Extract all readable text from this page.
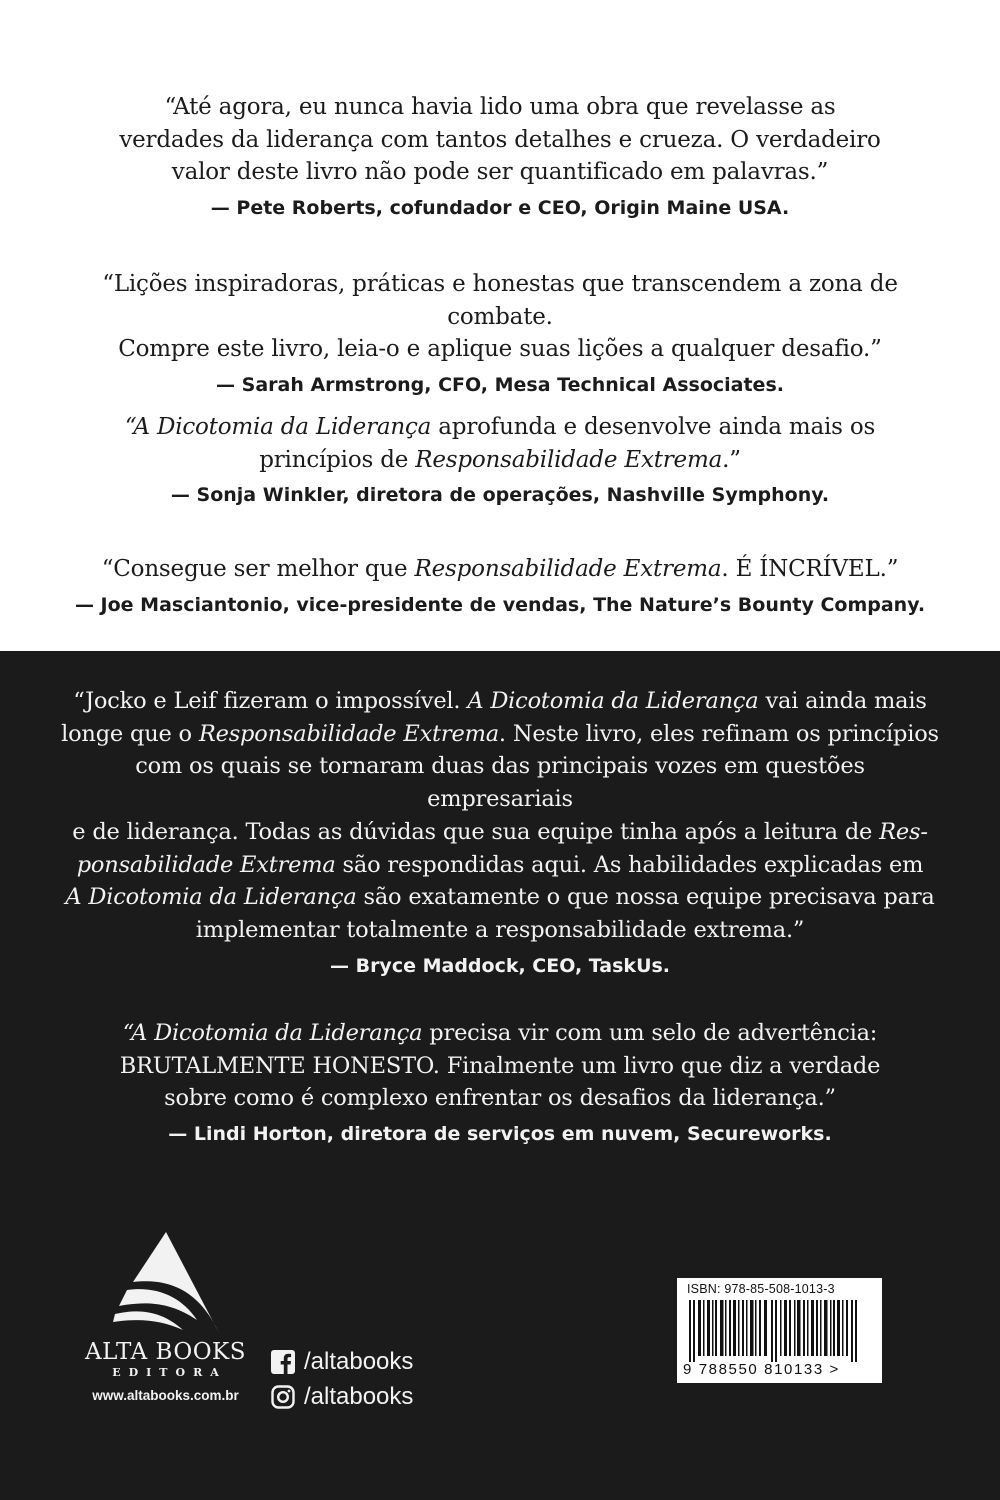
“Até agora, eu nunca havia lido uma obra que revelasse as
verdades da liderança com tantos detalhes e crueza. O verdadeiro
valor deste livro não pode ser quantificado em palavras.”
— Pete Roberts, cofundador e CEO, Origin Maine USA.
“Lições inspiradoras, práticas e honestas que transcendem a zona de combate.
Compre este livro, leia-o e aplique suas lições a qualquer desafio.”
— Sarah Armstrong, CFO, Mesa Technical Associates.
“A Dicotomia da Liderança aprofunda e desenvolve ainda mais os
princípios de Responsabilidade Extrema.”
— Sonja Winkler, diretora de operações, Nashville Symphony.
“Consegue ser melhor que Responsabilidade Extrema. É ÍNCRÍVEL.”
— Joe Masciantonio, vice-presidente de vendas, The Nature’s Bounty Company.
“Jocko e Leif fizeram o impossível. A Dicotomia da Liderança vai ainda mais
longe que o Responsabilidade Extrema. Neste livro, eles refinam os princípios
com os quais se tornaram duas das principais vozes em questões empresariais
e de liderança. Todas as dúvidas que sua equipe tinha após a leitura de Res-
ponsabilidade Extrema são respondidas aqui. As habilidades explicadas em
A Dicotomia da Liderança são exatamente o que nossa equipe precisava para
implementar totalmente a responsabilidade extrema.”
— Bryce Maddock, CEO, TaskUs.
“A Dicotomia da Liderança precisa vir com um selo de advertência:
BRUTALMENTE HONESTO. Finalmente um livro que diz a verdade
sobre como é complexo enfrentar os desafios da liderança.”
— Lindi Horton, diretora de serviços em nuvem, Secureworks.
ALTA BOOKS
EDITORA
www.altabooks.com.br
/altabooks
/altabooks
ISBN: 978-85-508-1013-3
9 788550 810133 >
